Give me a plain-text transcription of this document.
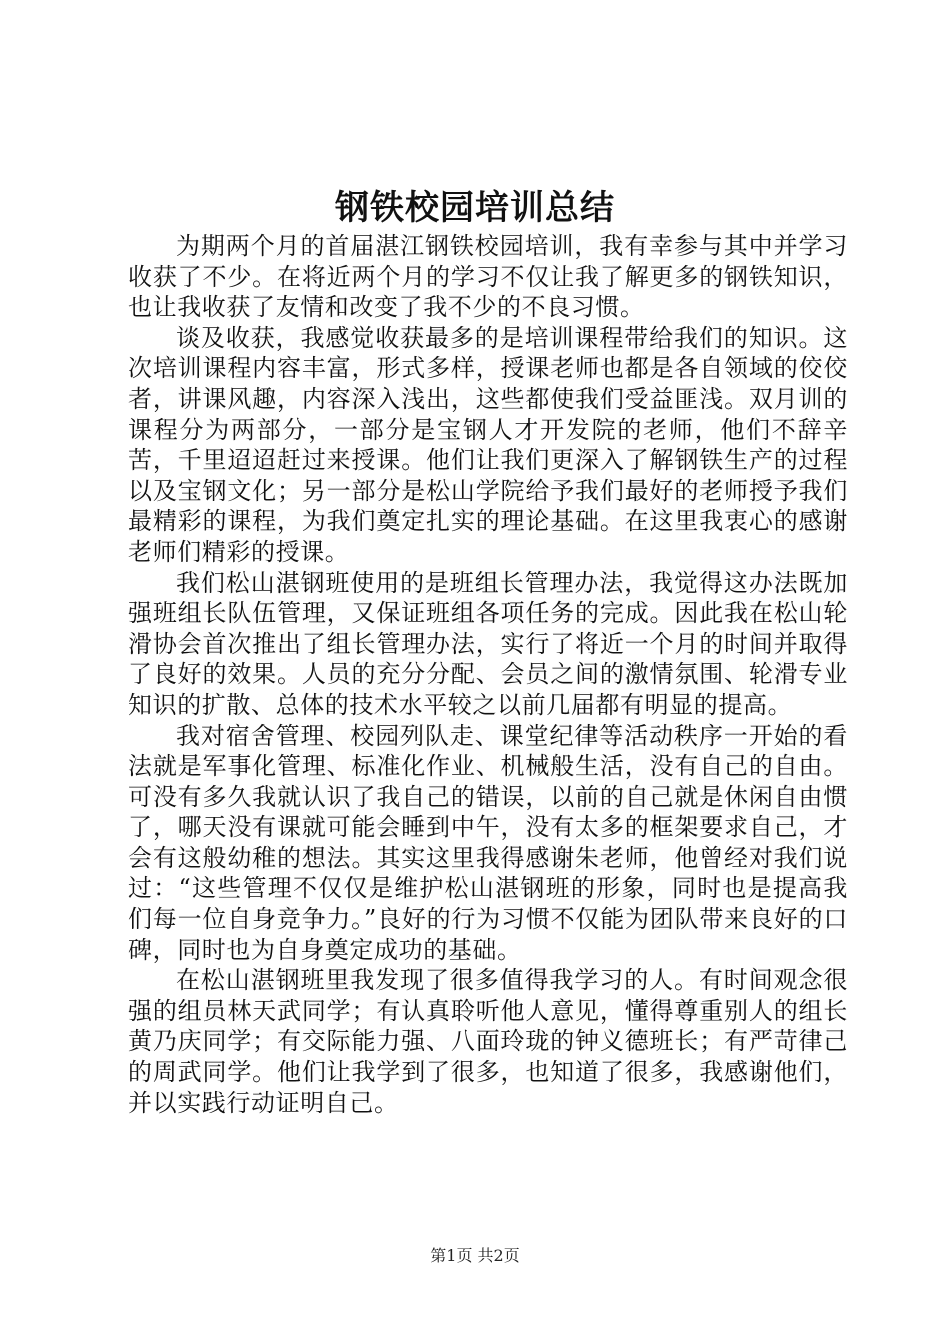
钢铁校园培训总结

为期两个月的首届湛江钢铁校园培训，我有幸参与其中并学习收获了不少。在将近两个月的学习不仅让我了解更多的钢铁知识，也让我收获了友情和改变了我不少的不良习惯。

谈及收获，我感觉收获最多的是培训课程带给我们的知识。这次培训课程内容丰富，形式多样，授课老师也都是各自领域的佼佼者，讲课风趣，内容深入浅出，这些都使我们受益匪浅。双月训的课程分为两部分，一部分是宝钢人才开发院的老师，他们不辞辛苦，千里迢迢赶过来授课。他们让我们更深入了解钢铁生产的过程以及宝钢文化；另一部分是松山学院给予我们最好的老师授予我们最精彩的课程，为我们奠定扎实的理论基础。在这里我衷心的感谢老师们精彩的授课。

我们松山湛钢班使用的是班组长管理办法，我觉得这办法既加强班组长队伍管理，又保证班组各项任务的完成。因此我在松山轮滑协会首次推出了组长管理办法，实行了将近一个月的时间并取得了良好的效果。人员的充分分配、会员之间的激情氛围、轮滑专业知识的扩散、总体的技术水平较之以前几届都有明显的提高。

我对宿舍管理、校园列队走、课堂纪律等活动秩序一开始的看法就是军事化管理、标准化作业、机械般生活，没有自己的自由。可没有多久我就认识了我自己的错误，以前的自己就是休闲自由惯了，哪天没有课就可能会睡到中午，没有太多的框架要求自己，才会有这般幼稚的想法。其实这里我得感谢朱老师，他曾经对我们说过：“这些管理不仅仅是维护松山湛钢班的形象，同时也是提高我们每一位自身竞争力。”良好的行为习惯不仅能为团队带来良好的口碑，同时也为自身奠定成功的基础。

在松山湛钢班里我发现了很多值得我学习的人。有时间观念很强的组员林天武同学；有认真聆听他人意见，懂得尊重别人的组长黄乃庆同学；有交际能力强、八面玲珑的钟义德班长；有严苛律己的周武同学。他们让我学到了很多，也知道了很多，我感谢他们，并以实践行动证明自己。

第1页 共2页
